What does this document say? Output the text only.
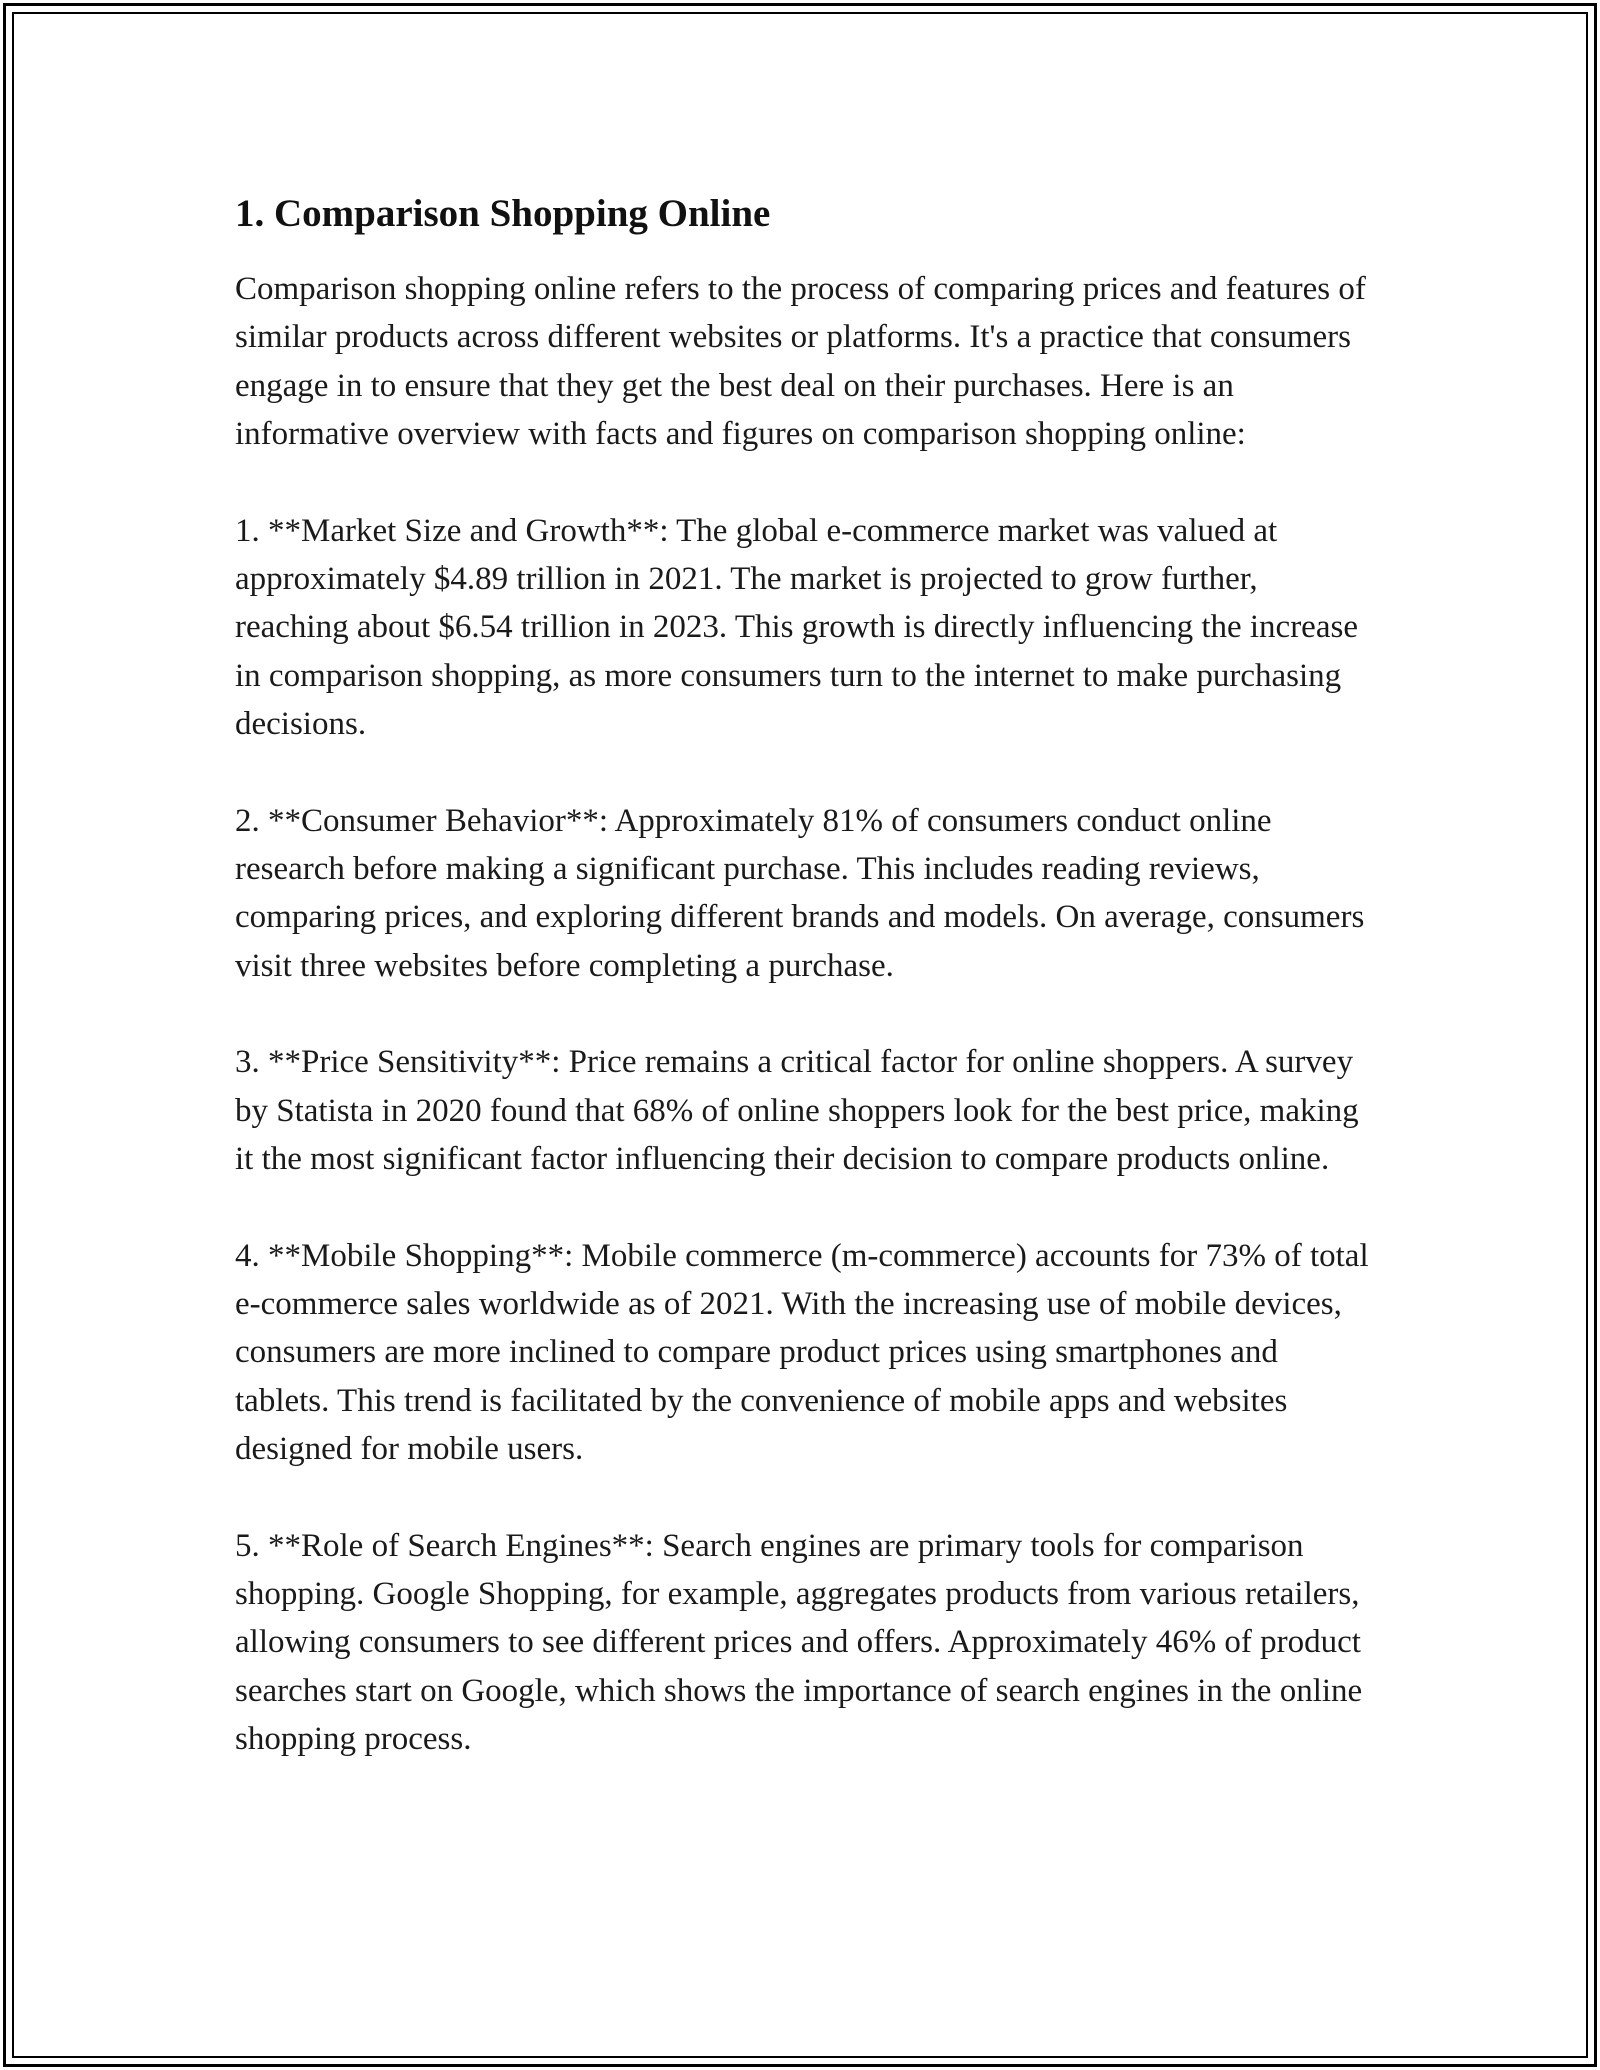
1. Comparison Shopping Online

Comparison shopping online refers to the process of comparing prices and features of similar products across different websites or platforms. It's a practice that consumers engage in to ensure that they get the best deal on their purchases. Here is an informative overview with facts and figures on comparison shopping online:

1. **Market Size and Growth**: The global e-commerce market was valued at approximately $4.89 trillion in 2021. The market is projected to grow further, reaching about $6.54 trillion in 2023. This growth is directly influencing the increase in comparison shopping, as more consumers turn to the internet to make purchasing decisions.

2. **Consumer Behavior**: Approximately 81% of consumers conduct online research before making a significant purchase. This includes reading reviews, comparing prices, and exploring different brands and models. On average, consumers visit three websites before completing a purchase.

3. **Price Sensitivity**: Price remains a critical factor for online shoppers. A survey by Statista in 2020 found that 68% of online shoppers look for the best price, making it the most significant factor influencing their decision to compare products online.

4. **Mobile Shopping**: Mobile commerce (m-commerce) accounts for 73% of total e-commerce sales worldwide as of 2021. With the increasing use of mobile devices, consumers are more inclined to compare product prices using smartphones and tablets. This trend is facilitated by the convenience of mobile apps and websites designed for mobile users.

5. **Role of Search Engines**: Search engines are primary tools for comparison shopping. Google Shopping, for example, aggregates products from various retailers, allowing consumers to see different prices and offers. Approximately 46% of product searches start on Google, which shows the importance of search engines in the online shopping process.
